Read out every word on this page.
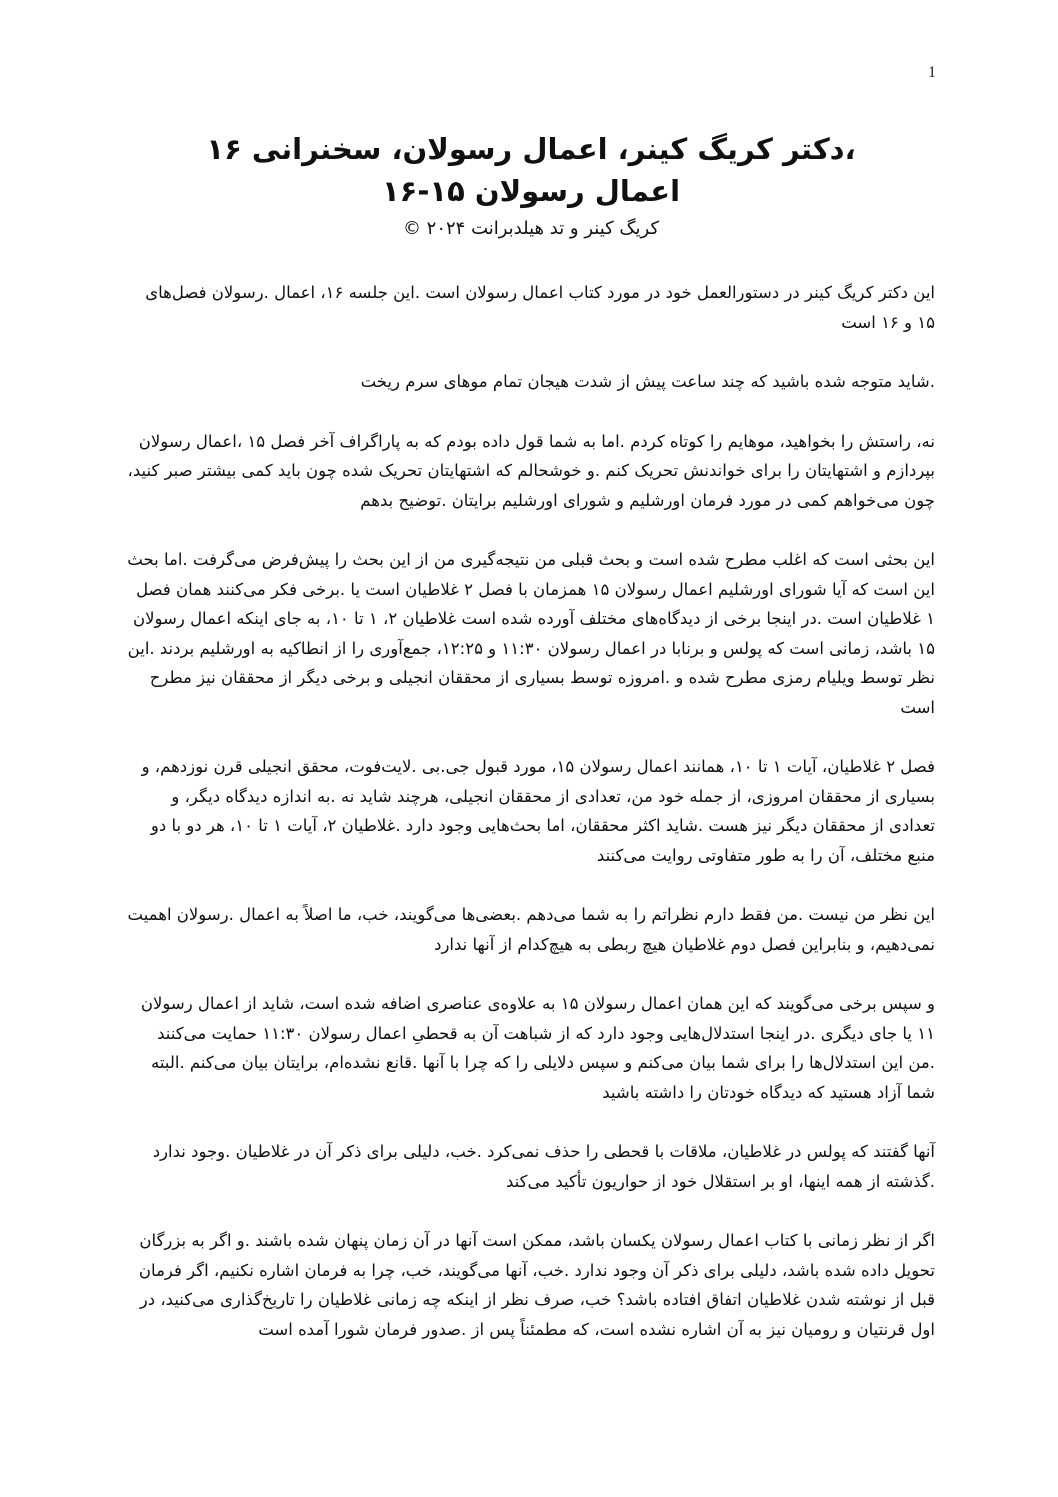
1
،دکتر کریگ کینر، اعمال رسولان، سخنرانی ۱۶
اعمال رسولان ۱۵-۱۶
کریگ کینر و تد هیلدبرانت ۲۰۲۴ ©

این دکتر کریگ کینر در دستورالعمل خود در مورد کتاب اعمال رسولان است .این جلسه ۱۶، اعمال .رسولان فصل‌های ۱۵ و ۱۶ است

.شاید متوجه شده باشید که چند ساعت پیش از شدت هیجان تمام موهای سرم ریخت

نه، راستش را بخواهید، موهایم را کوتاه کردم .اما به شما قول داده بودم که به پاراگراف آخر فصل ۱۵ ،اعمال رسولان بپردازم و اشتهایتان را برای خواندنش تحریک کنم .و خوشحالم که اشتهایتان تحریک شده چون باید کمی بیشتر صبر کنید، چون می‌خواهم کمی در مورد فرمان اورشلیم و شورای اورشلیم برایتان .توضیح بدهم

این بحثی است که اغلب مطرح شده است و بحث قبلی من نتیجه‌گیری من از این بحث را پیش‌فرض می‌گرفت .اما بحث این است که آیا شورای اورشلیم اعمال رسولان ۱۵ همزمان با فصل ۲ غلاطیان است یا .برخی فکر می‌کنند همان فصل ۱ غلاطیان است .در اینجا برخی از دیدگاه‌های مختلف آورده شده است غلاطیان ۲، ۱ تا ۱۰، به جای اینکه اعمال رسولان ۱۵ باشد، زمانی است که پولس و برنابا در اعمال رسولان ۱۱:۳۰ و ۱۲:۲۵، جمع‌آوری را از انطاکیه به اورشلیم بردند .این نظر توسط ویلیام رمزی مطرح شده و .امروزه توسط بسیاری از محققان انجیلی و برخی دیگر از محققان نیز مطرح است

فصل ۲ غلاطیان، آیات ۱ تا ۱۰، همانند اعمال رسولان ۱۵، مورد قبول جی.بی .لایت‌فوت، محقق انجیلی قرن نوزدهم، و بسیاری از محققان امروزی، از جمله خود من، تعدادی از محققان انجیلی، هرچند شاید نه .به اندازه دیدگاه دیگر، و تعدادی از محققان دیگر نیز هست .شاید اکثر محققان، اما بحث‌هایی وجود دارد .غلاطیان ۲، آیات ۱ تا ۱۰، هر دو با دو منبع مختلف، آن را به طور متفاوتی روایت می‌کنند

این نظر من نیست .من فقط دارم نظراتم را به شما می‌دهم .بعضی‌ها می‌گویند، خب، ما اصلاً به اعمال .رسولان اهمیت نمی‌دهیم، و بنابراین فصل دوم غلاطیان هیچ ربطی به هیچ‌کدام از آنها ندارد

و سپس برخی می‌گویند که این همان اعمال رسولان ۱۵ به علاوه‌ی عناصری اضافه شده است، شاید از اعمال رسولان ۱۱ یا جای دیگری .در اینجا استدلال‌هایی وجود دارد که از شباهت آن به قحطیِ اعمال رسولان ۱۱:۳۰ حمایت می‌کنند .من این استدلال‌ها را برای شما بیان می‌کنم و سپس دلایلی را که چرا با آنها .قانع نشده‌ام، برایتان بیان می‌کنم .البته شما آزاد هستید که دیدگاه خودتان را داشته باشید

آنها گفتند که پولس در غلاطیان، ملاقات با قحطی را حذف نمی‌کرد .خب، دلیلی برای ذکر آن در غلاطیان .وجود ندارد .گذشته از همه اینها، او بر استقلال خود از حواریون تأکید می‌کند

اگر از نظر زمانی با کتاب اعمال رسولان یکسان باشد، ممکن است آنها در آن زمان پنهان شده باشند .و اگر به بزرگان تحویل داده شده باشد، دلیلی برای ذکر آن وجود ندارد .خب، آنها می‌گویند، خب، چرا به فرمان اشاره نکنیم، اگر فرمان قبل از نوشته شدن غلاطیان اتفاق افتاده باشد؟ خب، صرف نظر از اینکه چه زمانی غلاطیان را تاریخ‌گذاری می‌کنید، در اول قرنتیان و رومیان نیز به آن اشاره نشده است، که مطمئناً پس از .صدور فرمان شورا آمده است
